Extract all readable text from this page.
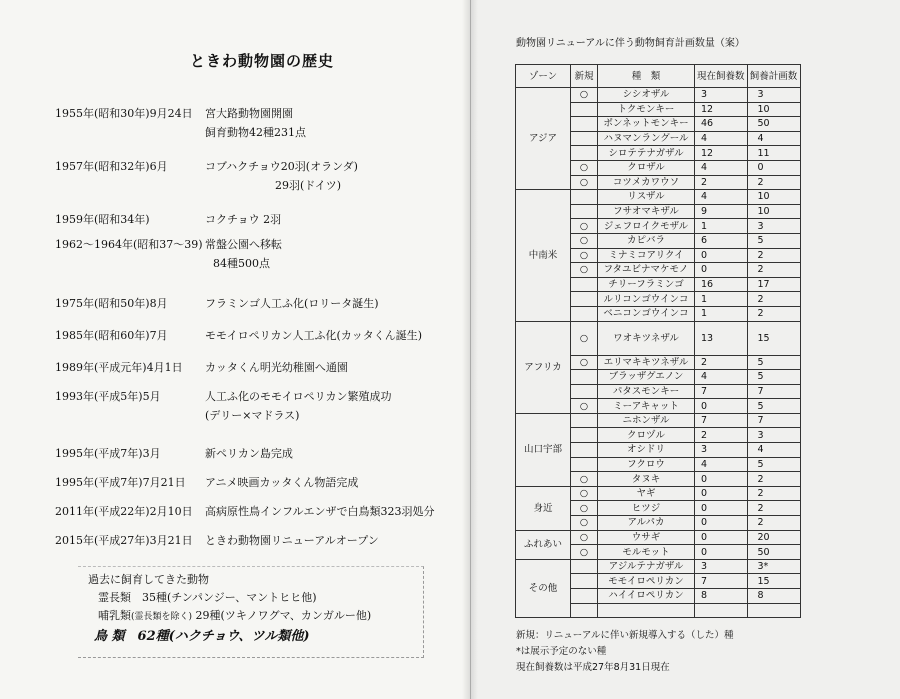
ときわ動物園の歴史
1955年(昭和30年)9月24日	宮大路動物園開園
飼育動物42種231点
1957年(昭和32年)6月	コブハクチョウ20羽(オランダ)
29羽(ドイツ)
1959年(昭和34年)	コクチョウ 2羽
1962～1964年(昭和37～39) 常盤公園へ移転
84種500点
1975年(昭和50年)8月	フラミンゴ人工ふ化(ロリータ誕生)
1985年(昭和60年)7月	モモイロペリカン人工ふ化(カッタくん誕生)
1989年(平成元年)4月1日	カッタくん明光幼稚園へ通園
1993年(平成5年)5月	人工ふ化のモモイロペリカン繁殖成功
(デリー×マドラス)
1995年(平成7年)3月	新ペリカン島完成
1995年(平成7年)7月21日	アニメ映画カッタくん物語完成
2011年(平成22年)2月10日	高病原性鳥インフルエンザで白鳥類323羽処分
2015年(平成27年)3月21日	ときわ動物園リニューアルオープン
過去に飼育してきた動物
霊長類　35種(チンパンジー、マントヒヒ他)
哺乳類(霊長類を除く) 29種(ツキノワグマ、カンガルー他)
鳥 類　62種(ハクチョウ、ツル類他)
動物園リニューアルに伴う動物飼育計画数量（案）
ゾーン	新規	種　類	現在飼養数	飼養計画数
アジア	○	シシオザル	3	3
		トクモンキー	12	10
		ボンネットモンキー	46	50
		ハヌマンラングール	4	4
		シロテテナガザル	12	11
	○	クロザル	4	0
	○	コツメカワウソ	2	2
中南米		リスザル	4	10
		フサオマキザル	9	10
	○	ジェフロイクモザル	1	3
	○	カピバラ	6	5
	○	ミナミコアリクイ	0	2
	○	フタユビナマケモノ	0	2
		チリーフラミンゴ	16	17
		ルリコンゴウインコ	1	2
		ベニコンゴウインコ	1	2
アフリカ	○	ワオキツネザル	13	15
	○	エリマキキツネザル	2	5
		ブラッザグエノン	4	5
		パタスモンキー	7	7
	○	ミーアキャット	0	5
山口宇部		ニホンザル	7	7
		クロヅル	2	3
		オシドリ	3	4
		フクロウ	4	5
	○	タヌキ	0	2
身近	○	ヤギ	0	2
	○	ヒツジ	0	2
	○	アルパカ	0	2
ふれあい	○	ウサギ	0	20
	○	モルモット	0	50
その他		アジルテナガザル	3	3*
		モモイロペリカン	7	15
		ハイイロペリカン	8	8

新規：リニューアルに伴い新規導入する（した）種
*は展示予定のない種
現在飼養数は平成27年8月31日現在
